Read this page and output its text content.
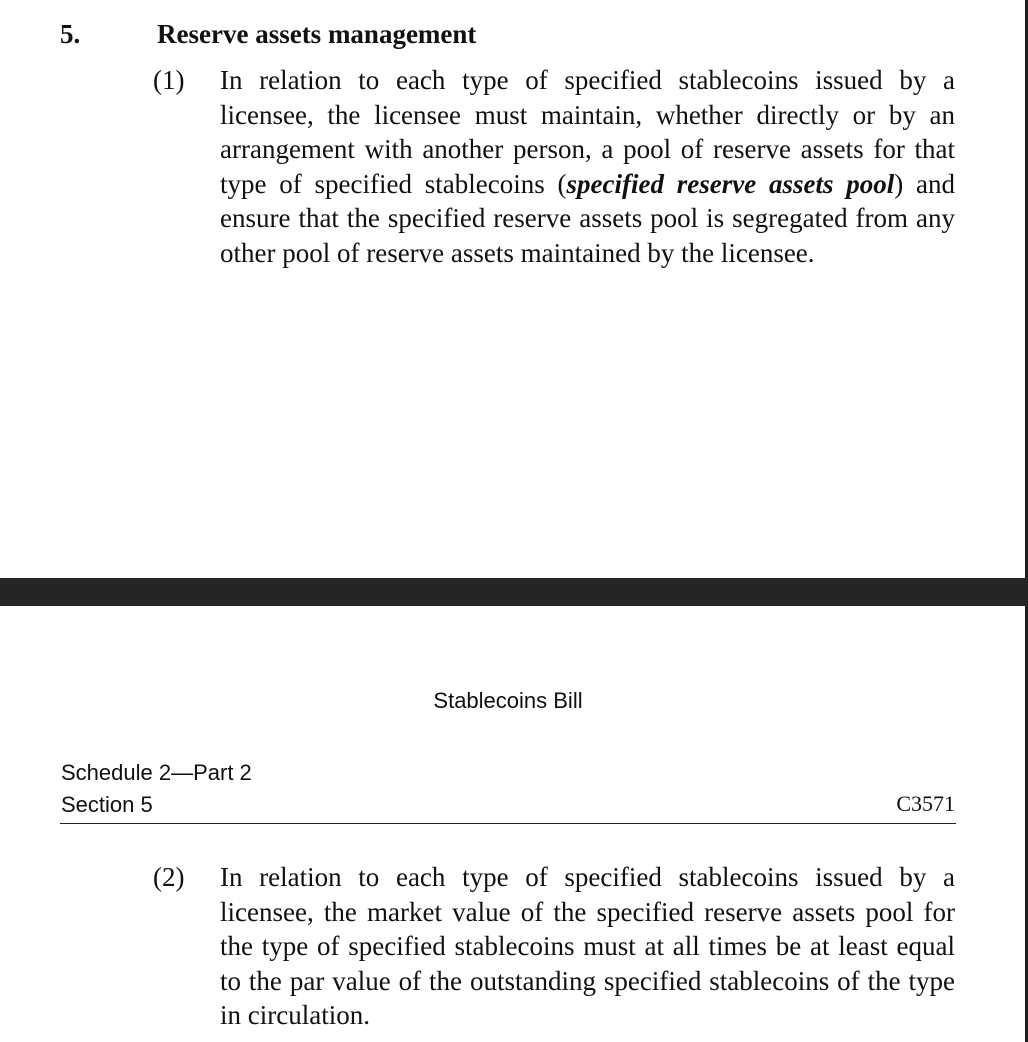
5.	Reserve assets management
(1) In relation to each type of specified stablecoins issued by a licensee, the licensee must maintain, whether directly or by an arrangement with another person, a pool of reserve assets for that type of specified stablecoins (specified reserve assets pool) and ensure that the specified reserve assets pool is segregated from any other pool of reserve assets maintained by the licensee.
Stablecoins Bill
Schedule 2—Part 2
Section 5	C3571
(2) In relation to each type of specified stablecoins issued by a licensee, the market value of the specified reserve assets pool for the type of specified stablecoins must at all times be at least equal to the par value of the outstanding specified stablecoins of the type in circulation.
